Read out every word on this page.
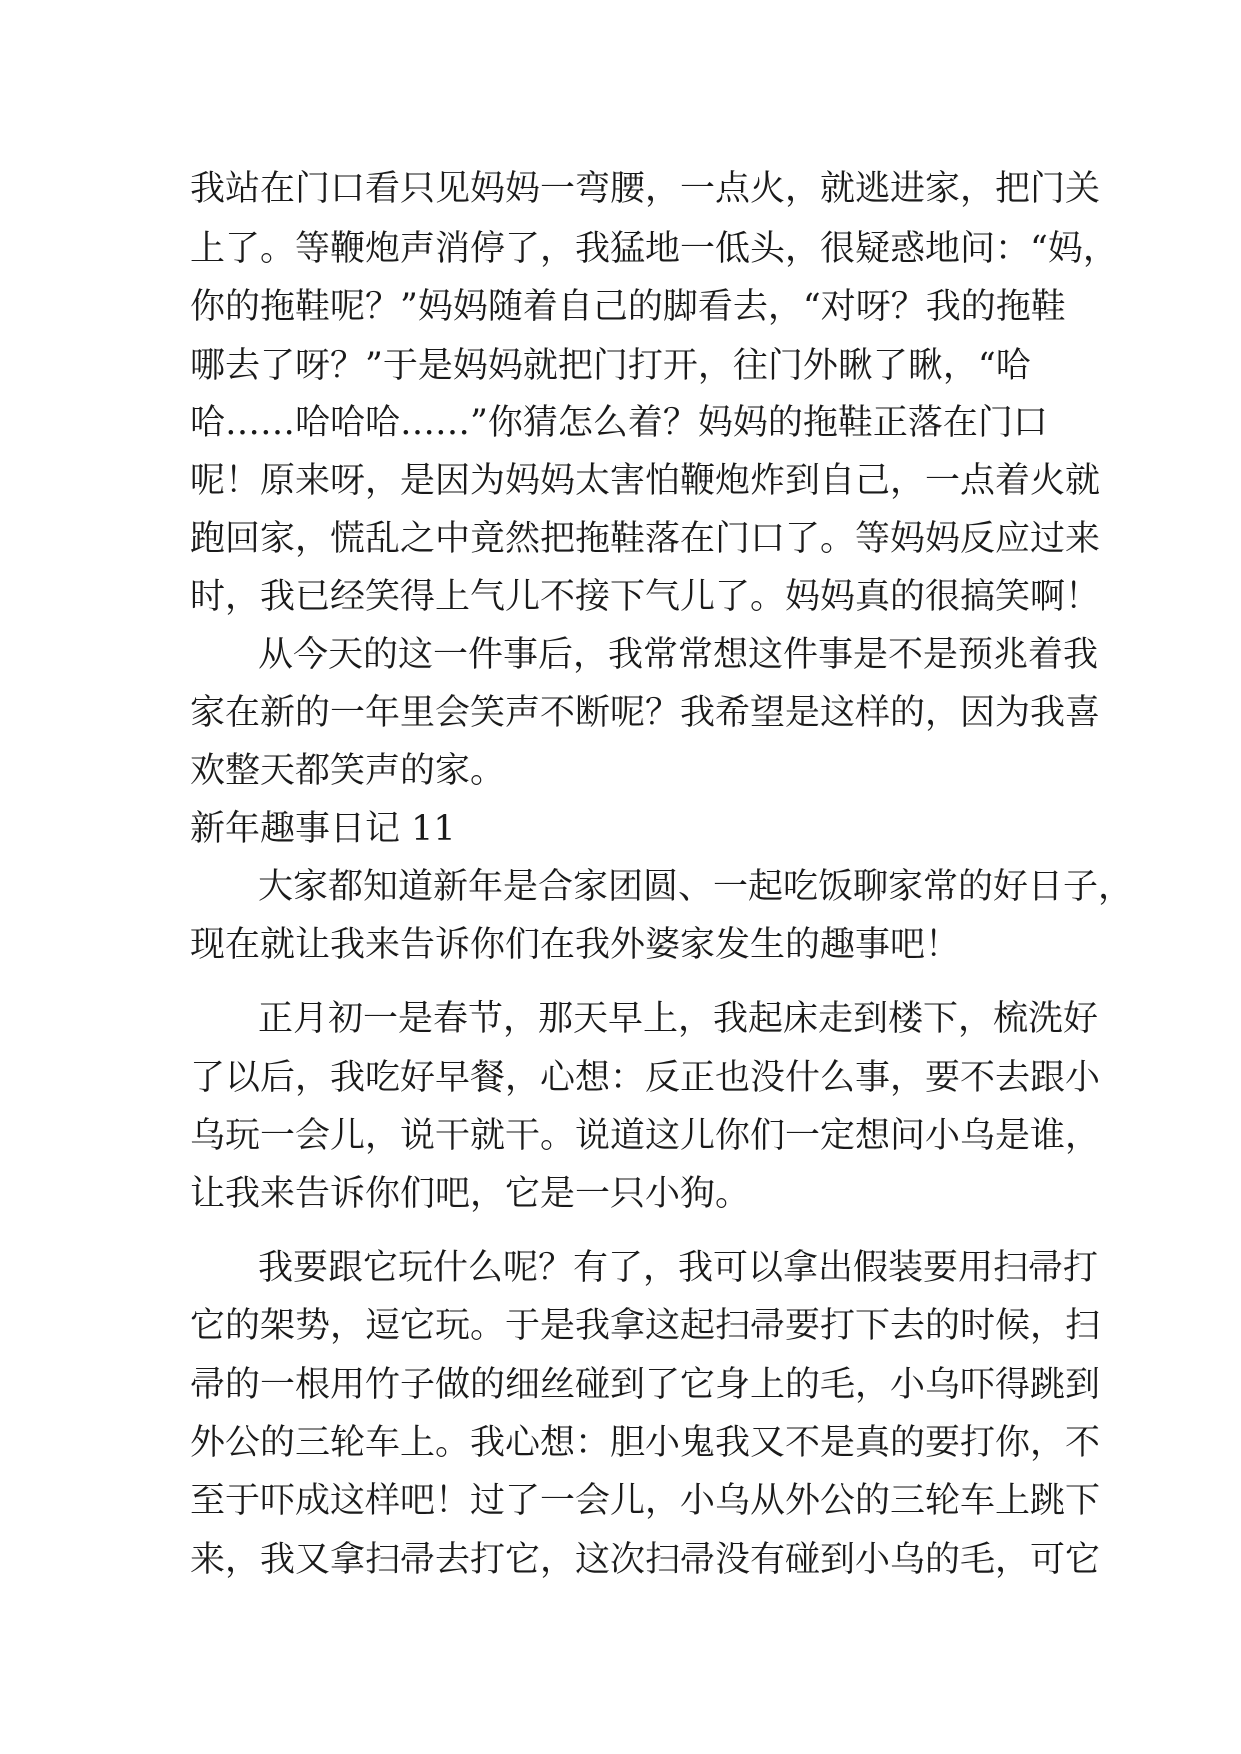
我站在门口看只见妈妈一弯腰，一点火，就逃进家，把门关
上了。等鞭炮声消停了，我猛地一低头，很疑惑地问：“妈，
你的拖鞋呢？”妈妈随着自己的脚看去，“对呀？我的拖鞋
哪去了呀？”于是妈妈就把门打开，往门外瞅了瞅，“哈
哈……哈哈哈……”你猜怎么着？妈妈的拖鞋正落在门口
呢！原来呀，是因为妈妈太害怕鞭炮炸到自己，一点着火就
跑回家，慌乱之中竟然把拖鞋落在门口了。等妈妈反应过来
时，我已经笑得上气儿不接下气儿了。妈妈真的很搞笑啊！
从今天的这一件事后，我常常想这件事是不是预兆着我
家在新的一年里会笑声不断呢？我希望是这样的，因为我喜
欢整天都笑声的家。
新年趣事日记 11
大家都知道新年是合家团圆、一起吃饭聊家常的好日子，
现在就让我来告诉你们在我外婆家发生的趣事吧！
正月初一是春节，那天早上，我起床走到楼下，梳洗好
了以后，我吃好早餐，心想：反正也没什么事，要不去跟小
乌玩一会儿，说干就干。说道这儿你们一定想问小乌是谁，
让我来告诉你们吧，它是一只小狗。
我要跟它玩什么呢？有了，我可以拿出假装要用扫帚打
它的架势，逗它玩。于是我拿这起扫帚要打下去的时候，扫
帚的一根用竹子做的细丝碰到了它身上的毛，小乌吓得跳到
外公的三轮车上。我心想：胆小鬼我又不是真的要打你，不
至于吓成这样吧！过了一会儿，小乌从外公的三轮车上跳下
来，我又拿扫帚去打它，这次扫帚没有碰到小乌的毛，可它
